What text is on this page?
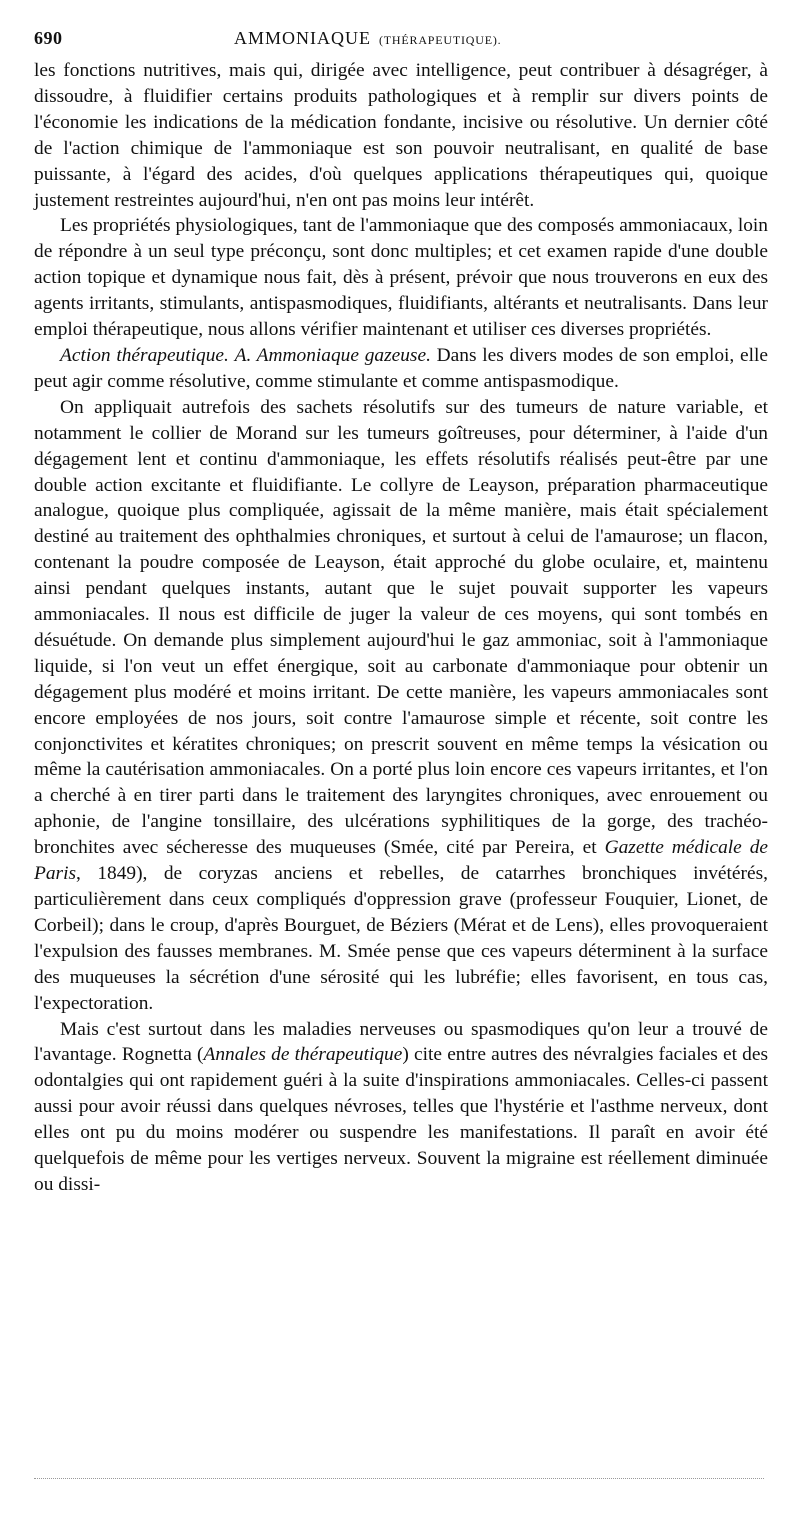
690	AMMONIAQUE (THÉRAPEUTIQUE).

les fonctions nutritives, mais qui, dirigée avec intelligence, peut contribuer à désagréger, à dissoudre, à fluidifier certains produits pathologiques et à remplir sur divers points de l'économie les indications de la médication fondante, incisive ou résolutive. Un dernier côté de l'action chimique de l'ammoniaque est son pouvoir neutralisant, en qualité de base puissante, à l'égard des acides, d'où quelques applications thérapeutiques qui, quoique justement restreintes aujourd'hui, n'en ont pas moins leur intérêt.

Les propriétés physiologiques, tant de l'ammoniaque que des composés ammoniacaux, loin de répondre à un seul type préconçu, sont donc multiples; et cet examen rapide d'une double action topique et dynamique nous fait, dès à présent, prévoir que nous trouverons en eux des agents irritants, stimulants, antispasmodiques, fluidifiants, altérants et neutralisants. Dans leur emploi thérapeutique, nous allons vérifier maintenant et utiliser ces diverses propriétés.

Action thérapeutique. A. Ammoniaque gazeuse. Dans les divers modes de son emploi, elle peut agir comme résolutive, comme stimulante et comme antispasmodique.

On appliquait autrefois des sachets résolutifs sur des tumeurs de nature variable, et notamment le collier de Morand sur les tumeurs goîtreuses, pour déterminer, à l'aide d'un dégagement lent et continu d'ammoniaque, les effets résolutifs réalisés peut-être par une double action excitante et fluidifiante. Le collyre de Leayson, préparation pharmaceutique analogue, quoique plus compliquée, agissait de la même manière, mais était spécialement destiné au traitement des ophthalmies chroniques, et surtout à celui de l'amaurose; un flacon, contenant la poudre composée de Leayson, était approché du globe oculaire, et, maintenu ainsi pendant quelques instants, autant que le sujet pouvait supporter les vapeurs ammoniacales. Il nous est difficile de juger la valeur de ces moyens, qui sont tombés en désuétude. On demande plus simplement aujourd'hui le gaz ammoniac, soit à l'ammoniaque liquide, si l'on veut un effet énergique, soit au carbonate d'ammoniaque pour obtenir un dégagement plus modéré et moins irritant. De cette manière, les vapeurs ammoniacales sont encore employées de nos jours, soit contre l'amaurose simple et récente, soit contre les conjonctivites et kératites chroniques; on prescrit souvent en même temps la vésication ou même la cautérisation ammoniacales. On a porté plus loin encore ces vapeurs irritantes, et l'on a cherché à en tirer parti dans le traitement des laryngites chroniques, avec enrouement ou aphonie, de l'angine tonsillaire, des ulcérations syphilitiques de la gorge, des trachéo-bronchites avec sécheresse des muqueuses (Smée, cité par Pereira, et Gazette médicale de Paris, 1849), de coryzas anciens et rebelles, de catarrhes bronchiques invétérés, particulièrement dans ceux compliqués d'oppression grave (professeur Fouquier, Lionet, de Corbeil); dans le croup, d'après Bourguet, de Béziers (Mérat et de Lens), elles provoqueraient l'expulsion des fausses membranes. M. Smée pense que ces vapeurs déterminent à la surface des muqueuses la sécrétion d'une sérosité qui les lubréfie; elles favorisent, en tous cas, l'expectoration.

Mais c'est surtout dans les maladies nerveuses ou spasmodiques qu'on leur a trouvé de l'avantage. Rognetta (Annales de thérapeutique) cite entre autres des névralgies faciales et des odontalgies qui ont rapidement guéri à la suite d'inspirations ammoniacales. Celles-ci passent aussi pour avoir réussi dans quelques névroses, telles que l'hystérie et l'asthme nerveux, dont elles ont pu du moins modérer ou suspendre les manifestations. Il paraît en avoir été quelquefois de même pour les vertiges nerveux. Souvent la migraine est réellement diminuée ou dissi-
